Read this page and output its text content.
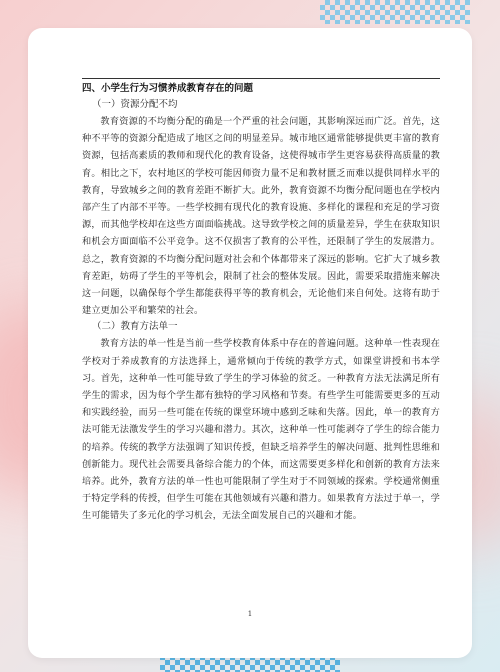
四、小学生行为习惯养成教育存在的问题
（一）资源分配不均

教育资源的不均衡分配的确是一个严重的社会问题，其影响深远而广泛。首先，这种不平等的资源分配造成了地区之间的明显差异。城市地区通常能够提供更丰富的教育资源，包括高素质的教师和现代化的教育设备，这使得城市学生更容易获得高质量的教育。相比之下，农村地区的学校可能因师资力量不足和教材匮乏而难以提供同样水平的教育，导致城乡之间的教育差距不断扩大。此外，教育资源不均衡分配问题也在学校内部产生了内部不平等。一些学校拥有现代化的教育设施、多样化的课程和充足的学习资源，而其他学校却在这些方面面临挑战。这导致学校之间的质量差异，学生在获取知识和机会方面面临不公平竞争。这不仅损害了教育的公平性，还限制了学生的发展潜力。总之，教育资源的不均衡分配问题对社会和个体都带来了深远的影响。它扩大了城乡教育差距，妨碍了学生的平等机会，限制了社会的整体发展。因此，需要采取措施来解决这一问题，以确保每个学生都能获得平等的教育机会，无论他们来自何处。这将有助于建立更加公平和繁荣的社会。

（二）教育方法单一

教育方法的单一性是当前一些学校教育体系中存在的普遍问题。这种单一性表现在学校对于养成教育的方法选择上，通常倾向于传统的教学方式，如课堂讲授和书本学习。首先，这种单一性可能导致了学生的学习体验的贫乏。一种教育方法无法满足所有学生的需求，因为每个学生都有独特的学习风格和节奏。有些学生可能需要更多的互动和实践经验，而另一些可能在传统的课堂环境中感到乏味和失落。因此，单一的教育方法可能无法激发学生的学习兴趣和潜力。其次，这种单一性可能剥夺了学生的综合能力的培养。传统的教学方法强调了知识传授，但缺乏培养学生的解决问题、批判性思维和创新能力。现代社会需要具备综合能力的个体，而这需要更多样化和创新的教育方法来培养。此外，教育方法的单一性也可能限制了学生对于不同领域的探索。学校通常侧重于特定学科的传授，但学生可能在其他领域有兴趣和潜力。如果教育方法过于单一，学生可能错失了多元化的学习机会，无法全面发展自己的兴趣和才能。

1
